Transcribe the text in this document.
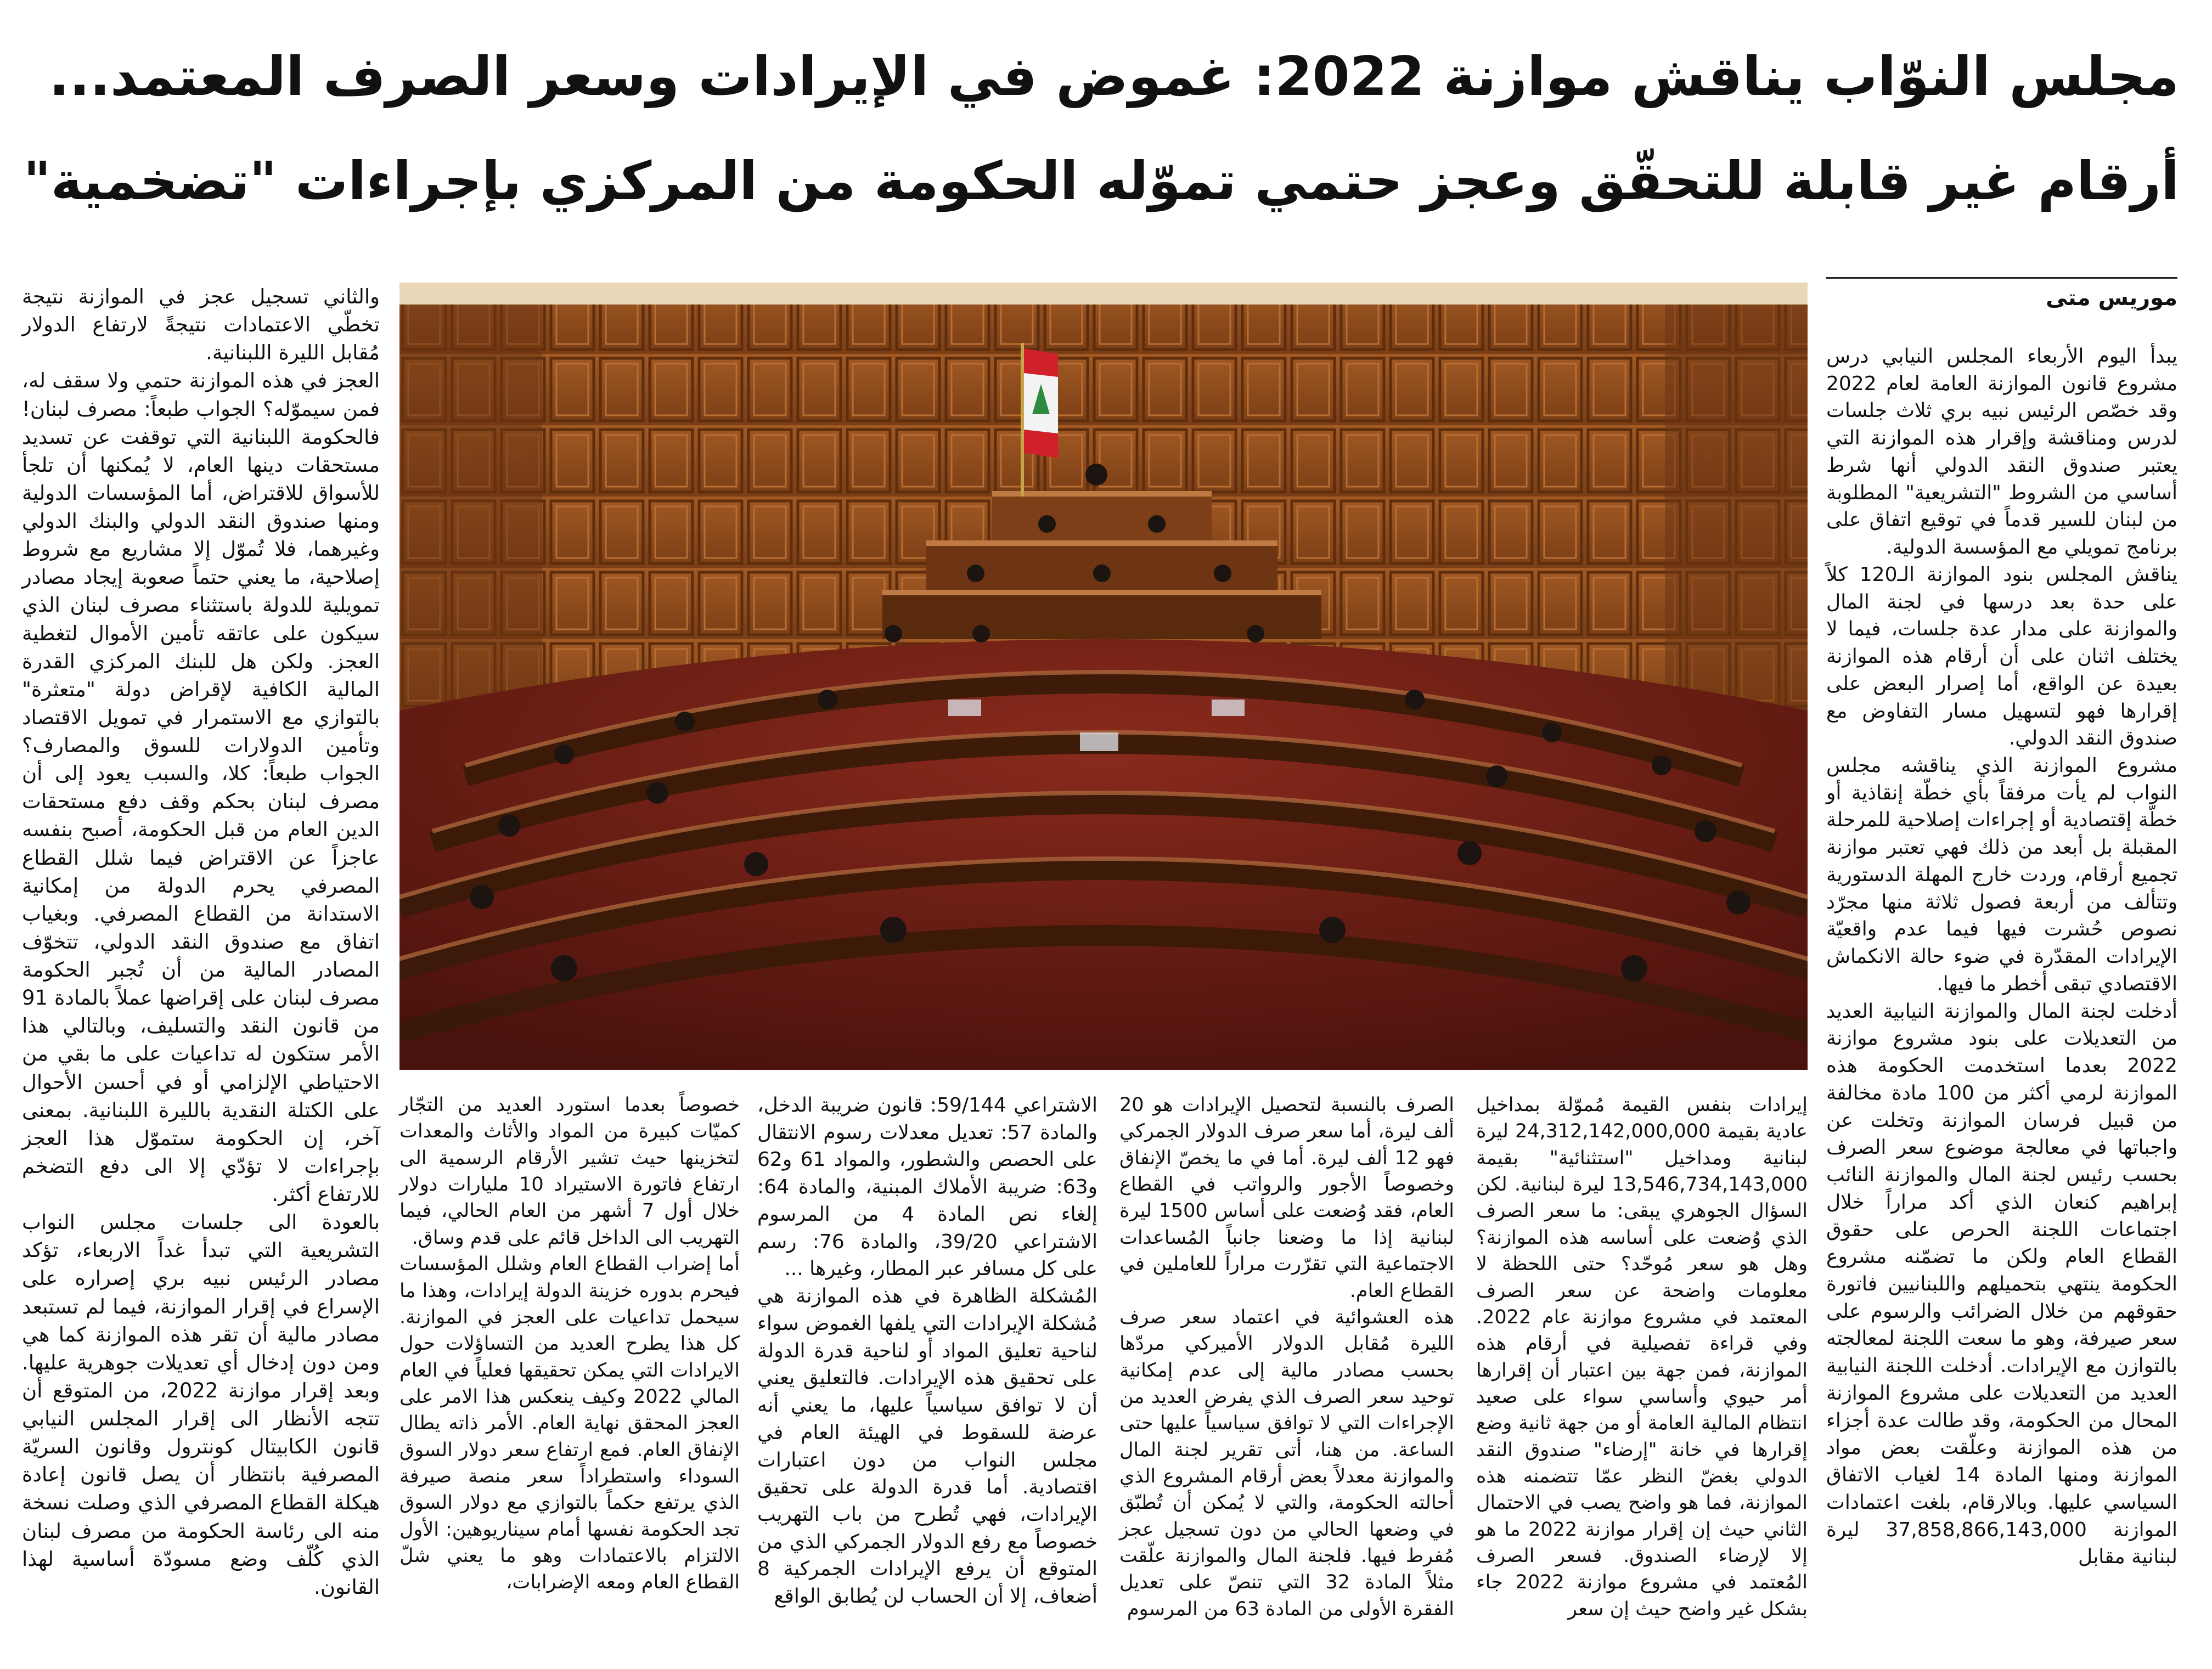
مجلس النوّاب يناقش موازنة 2022: غموض في الإيرادات وسعر الصرف المعتمد...
أرقام غير قابلة للتحقّق وعجز حتمي تموّله الحكومة من المركزي بإجراءات "تضخمية"
موريس متى

يبدأ اليوم الأربعاء المجلس النيابي درس مشروع قانون الموازنة العامة لعام 2022 وقد خصّص الرئيس نبيه بري ثلاث جلسات لدرس ومناقشة وإقرار هذه الموازنة التي يعتبر صندوق النقد الدولي أنها شرط أساسي من الشروط "التشريعية" المطلوبة من لبنان للسير قدماً في توقيع اتفاق على برنامج تمويلي مع المؤسسة الدولية.

يناقش المجلس بنود الموازنة الـ120 كلاً على حدة بعد درسها في لجنة المال والموازنة على مدار عدة جلسات، فيما لا يختلف اثنان على أن أرقام هذه الموازنة بعيدة عن الواقع، أما إصرار البعض على إقرارها فهو لتسهيل مسار التفاوض مع صندوق النقد الدولي.

مشروع الموازنة الذي يناقشه مجلس النواب لم يأت مرفقاً بأي خطّة إنقاذية أو خطّة إقتصادية أو إجراءات إصلاحية للمرحلة المقبلة بل أبعد من ذلك فهي تعتبر موازنة تجميع أرقام، وردت خارج المهلة الدستورية وتتألف من أربعة فصول ثلاثة منها مجرّد نصوص حُشرت فيها فيما عدم واقعيّة الإيرادات المقدّرة في ضوء حالة الانكماش الاقتصادي تبقى أخطر ما فيها.

أدخلت لجنة المال والموازنة النيابية العديد من التعديلات على بنود مشروع موازنة 2022 بعدما استخدمت الحكومة هذه الموازنة لرمي أكثر من 100 مادة مخالفة من قبيل فرسان الموازنة وتخلت عن واجباتها في معالجة موضوع سعر الصرف بحسب رئيس لجنة المال والموازنة النائب إبراهيم كنعان الذي أكد مراراً خلال اجتماعات اللجنة الحرص على حقوق القطاع العام ولكن ما تضمّنه مشروع الحكومة ينتهي بتحميلهم واللبنانيين فاتورة حقوقهم من خلال الضرائب والرسوم على سعر صيرفة، وهو ما سعت اللجنة لمعالجته بالتوازن مع الإيرادات. أدخلت اللجنة النيابية العديد من التعديلات على مشروع الموازنة المحال من الحكومة، وقد طالت عدة أجزاء من هذه الموازنة وعلّقت بعض مواد الموازنة ومنها المادة 14 لغياب الاتفاق السياسي عليها. وبالارقام، بلغت اعتمادات الموازنة 37,858,866,143,000 ليرة لبنانية مقابل

إيرادات بنفس القيمة مُموّلة بمداخيل عادية بقيمة 24,312,142,000,000 ليرة لبنانية ومداخيل "استثنائية" بقيمة 13,546,734,143,000 ليرة لبنانية. لكن السؤال الجوهري يبقى: ما سعر الصرف الذي وُضعت على أساسه هذه الموازنة؟ وهل هو سعر مُوحّد؟ حتى اللحظة لا معلومات واضحة عن سعر الصرف المعتمد في مشروع موازنة عام 2022. وفي قراءة تفصيلية في أرقام هذه الموازنة، فمن جهة بين اعتبار أن إقرارها أمر حيوي وأساسي سواء على صعيد انتظام المالية العامة أو من جهة ثانية وضع إقرارها في خانة "إرضاء" صندوق النقد الدولي بغضّ النظر عمّا تتضمنه هذه الموازنة، فما هو واضح يصب في الاحتمال الثاني حيث إن إقرار موازنة 2022 ما هو إلا لإرضاء الصندوق. فسعر الصرف المُعتمد في مشروع موازنة 2022 جاء بشكل غير واضح حيث إن سعر

الصرف بالنسبة لتحصيل الإيرادات هو 20 ألف ليرة، أما سعر صرف الدولار الجمركي فهو 12 ألف ليرة. أما في ما يخصّ الإنفاق وخصوصاً الأجور والرواتب في القطاع العام، فقد وُضعت على أساس 1500 ليرة لبنانية إذا ما وضعنا جانباً المُساعدات الاجتماعية التي تقرّرت مراراً للعاملين في القطاع العام.

هذه العشوائية في اعتماد سعر صرف الليرة مُقابل الدولار الأميركي مردّها بحسب مصادر مالية إلى عدم إمكانية توحيد سعر الصرف الذي يفرض العديد من الإجراءات التي لا توافق سياسياً عليها حتى الساعة. من هنا، أتى تقرير لجنة المال والموازنة معدلاً بعض أرقام المشروع الذي أحالته الحكومة، والتي لا يُمكن أن تُطبّق في وضعها الحالي من دون تسجيل عجز مُفرط فيها. فلجنة المال والموازنة علّقت مثلاً المادة 32 التي تنصّ على تعديل الفقرة الأولى من المادة 63 من المرسوم

الاشتراعي 59/144: قانون ضريبة الدخل، والمادة 57: تعديل معدلات رسوم الانتقال على الحصص والشطور، والمواد 61 و62 و63: ضريبة الأملاك المبنية، والمادة 64: إلغاء نص المادة 4 من المرسوم الاشتراعي 39/20، والمادة 76: رسم على كل مسافر عبر المطار، وغيرها ...

المُشكلة الظاهرة في هذه الموازنة هي مُشكلة الإيرادات التي يلفها الغموض سواء لناحية تعليق المواد أو لناحية قدرة الدولة على تحقيق هذه الإيرادات. فالتعليق يعني أن لا توافق سياسياً عليها، ما يعني أنه عرضة للسقوط في الهيئة العام في مجلس النواب من دون اعتبارات اقتصادية. أما قدرة الدولة على تحقيق الإيرادات، فهي تُطرح من باب التهريب خصوصاً مع رفع الدولار الجمركي الذي من المتوقع أن يرفع الإيرادات الجمركية 8 أضعاف، إلا أن الحساب لن يُطابق الواقع

خصوصاً بعدما استورد العديد من التجّار كميّات كبيرة من المواد والأثاث والمعدات لتخزينها حيث تشير الأرقام الرسمية الى ارتفاع فاتورة الاستيراد 10 مليارات دولار خلال أول 7 أشهر من العام الحالي، فيما التهريب الى الداخل قائم على قدم وساق.

أما إضراب القطاع العام وشلل المؤسسات فيحرم بدوره خزينة الدولة إيرادات، وهذا ما سيحمل تداعيات على العجز في الموازنة. كل هذا يطرح العديد من التساؤلات حول الايرادات التي يمكن تحقيقها فعلياً في العام المالي 2022 وكيف ينعكس هذا الامر على العجز المحقق نهاية العام. الأمر ذاته يطال الإنفاق العام. فمع ارتفاع سعر دولار السوق السوداء واستطراداً سعر منصة صيرفة الذي يرتفع حكماً بالتوازي مع دولار السوق تجد الحكومة نفسها أمام سيناريوهين: الأول الالتزام بالاعتمادات وهو ما يعني شلّ القطاع العام ومعه الإضرابات،

والثاني تسجيل عجز في الموازنة نتيجة تخطّي الاعتمادات نتيجةً لارتفاع الدولار مُقابل الليرة اللبنانية.

العجز في هذه الموازنة حتمي ولا سقف له، فمن سيموّله؟ الجواب طبعاً: مصرف لبنان! فالحكومة اللبنانية التي توقفت عن تسديد مستحقات دينها العام، لا يُمكنها أن تلجأ للأسواق للاقتراض، أما المؤسسات الدولية ومنها صندوق النقد الدولي والبنك الدولي وغيرهما، فلا تُموّل إلا مشاريع مع شروط إصلاحية، ما يعني حتماً صعوبة إيجاد مصادر تمويلية للدولة باستثناء مصرف لبنان الذي سيكون على عاتقه تأمين الأموال لتغطية العجز. ولكن هل للبنك المركزي القدرة المالية الكافية لإقراض دولة "متعثرة" بالتوازي مع الاستمرار في تمويل الاقتصاد وتأمين الدولارات للسوق والمصارف؟ الجواب طبعاً: كلا، والسبب يعود إلى أن مصرف لبنان بحكم وقف دفع مستحقات الدين العام من قبل الحكومة، أصبح بنفسه عاجزاً عن الاقتراض فيما شلل القطاع المصرفي يحرم الدولة من إمكانية الاستدانة من القطاع المصرفي. وبغياب اتفاق مع صندوق النقد الدولي، تتخوّف المصادر المالية من أن تُجبر الحكومة مصرف لبنان على إقراضها عملاً بالمادة 91 من قانون النقد والتسليف، وبالتالي هذا الأمر ستكون له تداعيات على ما بقي من الاحتياطي الإلزامي أو في أحسن الأحوال على الكتلة النقدية بالليرة اللبنانية. بمعنى آخر، إن الحكومة ستموّل هذا العجز بإجراءات لا تؤدّي إلا الى دفع التضخم للارتفاع أكثر.

بالعودة الى جلسات مجلس النواب التشريعية التي تبدأ غداً الاربعاء، تؤكد مصادر الرئيس نبيه بري إصراره على الإسراع في إقرار الموازنة، فيما لم تستبعد مصادر مالية أن تقر هذه الموازنة كما هي ومن دون إدخال أي تعديلات جوهرية عليها. وبعد إقرار موازنة 2022، من المتوقع أن تتجه الأنظار الى إقرار المجلس النيابي قانون الكابيتال كونترول وقانون السريّة المصرفية بانتظار أن يصل قانون إعادة هيكلة القطاع المصرفي الذي وصلت نسخة منه الى رئاسة الحكومة من مصرف لبنان الذي كُلّف وضع مسودّة أساسية لهذا القانون.
